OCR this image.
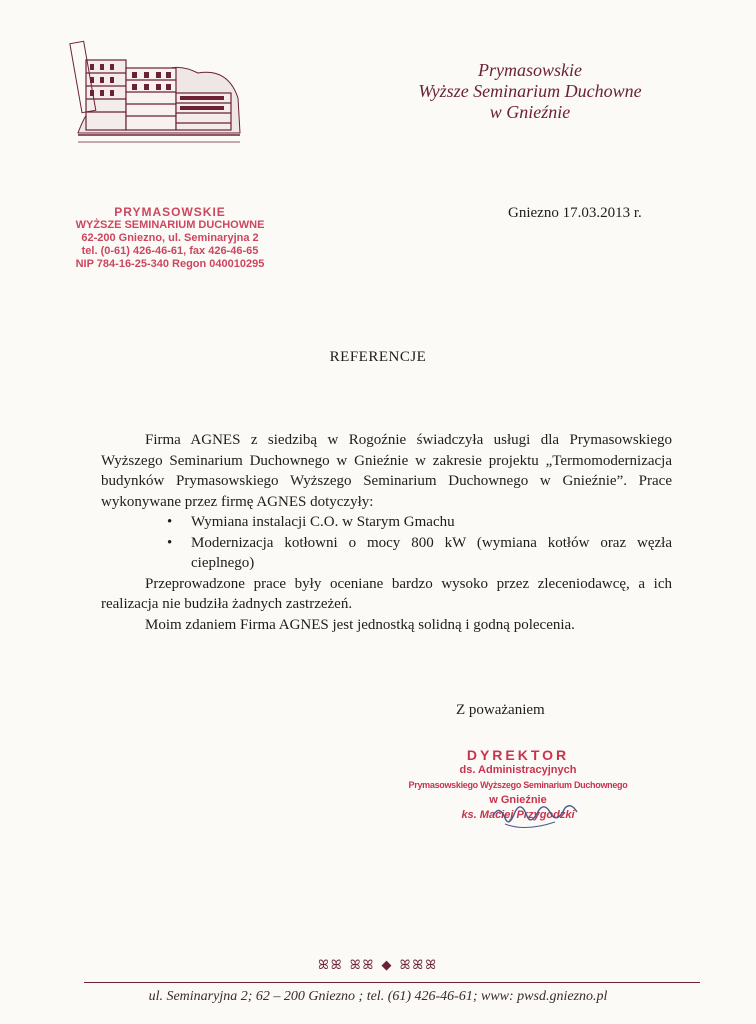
Prymasowskie
Wyższe Seminarium Duchowne
w Gnieźnie
PRYMASOWSKIE
WYŻSZE SEMINARIUM DUCHOWNE
62-200 Gniezno, ul. Seminaryjna 2
tel. (0-61) 426-46-61, fax 426-46-65
NIP 784-16-25-340 Regon 040010295
Gniezno 17.03.2013 r.
REFERENCJE

Firma AGNES z siedzibą w Rogoźnie świadczyła usługi dla Prymasowskiego Wyższego Seminarium Duchownego w Gnieźnie w zakresie projektu „Termomodernizacja budynków Prymasowskiego Wyższego Seminarium Duchownego w Gnieźnie”. Prace wykonywane przez firmę AGNES dotyczyły:

• Wymiana instalacji C.O. w Starym Gmachu
• Modernizacja kotłowni o mocy 800 kW (wymiana kotłów oraz węzła cieplnego)

Przeprowadzone prace były oceniane bardzo wysoko przez zleceniodawcę, a ich realizacja nie budziła żadnych zastrzeżeń.

Moim zdaniem Firma AGNES jest jednostką solidną i godną polecenia.

Z poważaniem
DYREKTOR
ds. Administracyjnych
Prymasowskiego Wyższego Seminarium Duchownego
w Gnieźnie
ks. Maciej Przygodzki
ꕤꕤ ꕤꕤ ◆ ꕤꕤꕤ
ul. Seminaryjna 2; 62 – 200 Gniezno ; tel. (61) 426-46-61; www: pwsd.gniezno.pl
